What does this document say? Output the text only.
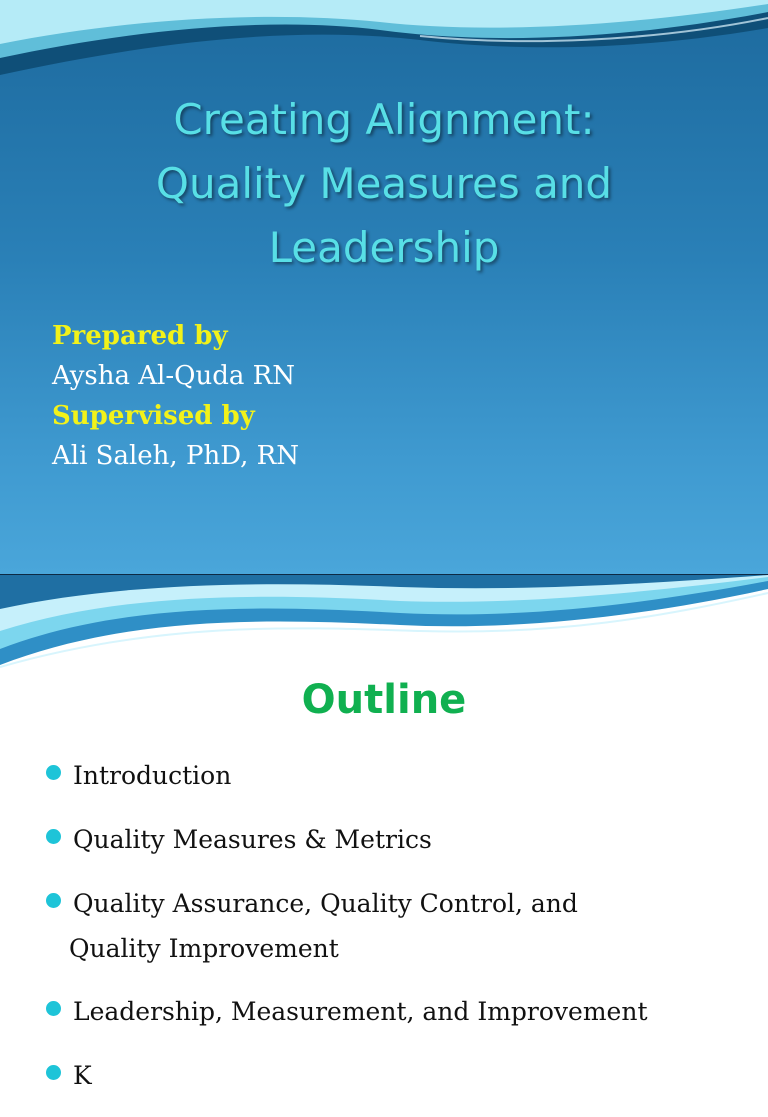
Creating Alignment:
Quality Measures and
Leadership
Prepared by
Aysha Al-Quda RN
Supervised by
Ali Saleh, PhD, RN
Outline
Introduction
Quality Measures & Metrics
Quality Assurance, Quality Control, and
Quality Improvement
Leadership, Measurement, and Improvement
K
